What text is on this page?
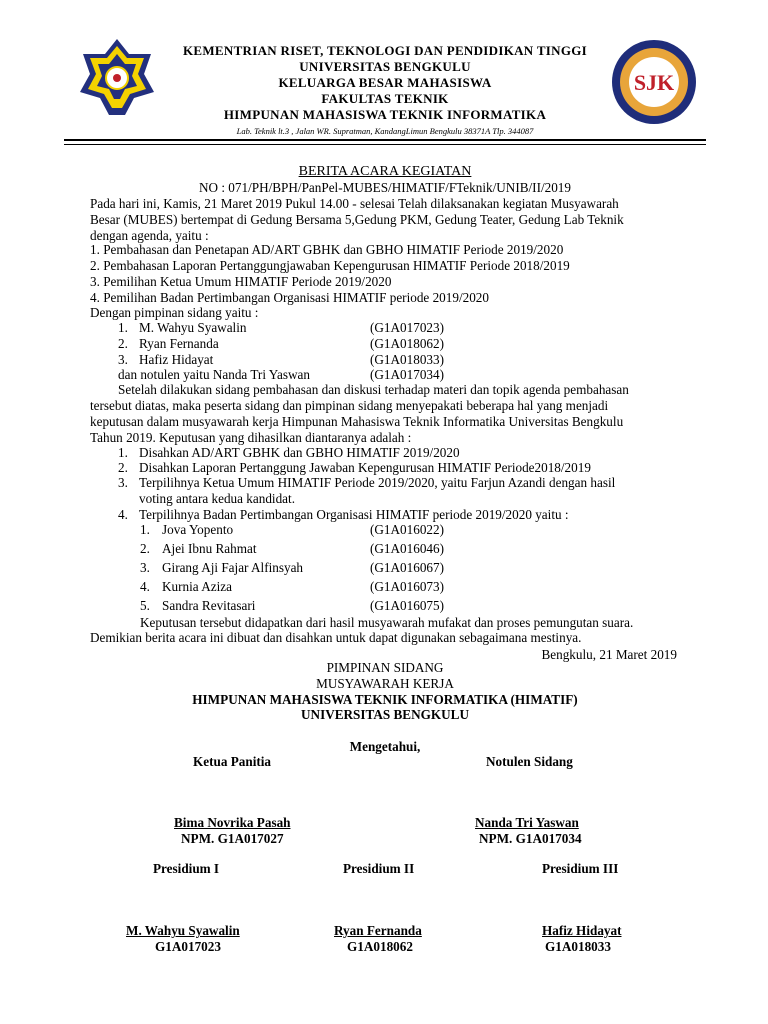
SJK
KEMENTRIAN RISET, TEKNOLOGI DAN PENDIDIKAN TINGGI
UNIVERSITAS BENGKULU
KELUARGA BESAR MAHASISWA
FAKULTAS TEKNIK
HIMPUNAN MAHASISWA TEKNIK INFORMATIKA
Lab. Teknik lt.3 , Jalan WR. Supratman, KandangLimun Bengkulu 38371A Tlp. 344087
BERITA ACARA KEGIATAN
NO : 071/PH/BPH/PanPel-MUBES/HIMATIF/FTeknik/UNIB/II/2019
Pada hari ini, Kamis, 21 Maret 2019 Pukul 14.00 - selesai Telah dilaksanakan kegiatan Musyawarah
Besar (MUBES) bertempat di Gedung Bersama 5,Gedung PKM, Gedung Teater, Gedung Lab Teknik
dengan agenda, yaitu :
1. Pembahasan dan Penetapan AD/ART GBHK dan GBHO HIMATIF Periode 2019/2020
2. Pembahasan Laporan Pertanggungjawaban Kepengurusan HIMATIF Periode 2018/2019
3. Pemilihan Ketua Umum HIMATIF Periode 2019/2020
4. Pemilihan Badan Pertimbangan Organisasi HIMATIF periode 2019/2020
Dengan pimpinan sidang yaitu :
1. M. Wahyu Syawalin	(G1A017023)
2. Ryan Fernanda	(G1A018062)
3. Hafiz Hidayat	(G1A018033)
dan notulen yaitu Nanda Tri Yaswan	(G1A017034)
Setelah dilakukan sidang pembahasan dan diskusi terhadap materi dan topik agenda pembahasan
tersebut diatas, maka peserta sidang dan pimpinan sidang menyepakati beberapa hal yang menjadi
keputusan dalam musyawarah kerja Himpunan Mahasiswa Teknik Informatika Universitas Bengkulu
Tahun 2019. Keputusan yang dihasilkan diantaranya adalah :
1. Disahkan AD/ART GBHK dan GBHO HIMATIF 2019/2020
2. Disahkan Laporan Pertanggung Jawaban Kepengurusan HIMATIF Periode2018/2019
3. Terpilihnya Ketua Umum HIMATIF Periode 2019/2020, yaitu Farjun Azandi dengan hasil
voting antara kedua kandidat.
4. Terpilihnya Badan Pertimbangan Organisasi HIMATIF periode 2019/2020 yaitu :
1. Jova Yopento	(G1A016022)
2. Ajei Ibnu Rahmat	(G1A016046)
3. Girang Aji Fajar Alfinsyah	(G1A016067)
4. Kurnia Aziza	(G1A016073)
5. Sandra Revitasari	(G1A016075)
Keputusan tersebut didapatkan dari hasil musyawarah mufakat dan proses pemungutan suara.
Demikian berita acara ini dibuat dan disahkan untuk dapat digunakan sebagaimana mestinya.
Bengkulu, 21 Maret 2019
PIMPINAN SIDANG
MUSYAWARAH KERJA
HIMPUNAN MAHASISWA TEKNIK INFORMATIKA (HIMATIF)
UNIVERSITAS BENGKULU
Mengetahui,
Ketua Panitia	Notulen Sidang
Bima Novrika Pasah
NPM. G1A017027
Nanda Tri Yaswan
NPM. G1A017034
Presidium I	Presidium II	Presidium III
M. Wahyu Syawalin
G1A017023
Ryan Fernanda
G1A018062
Hafiz Hidayat
G1A018033
